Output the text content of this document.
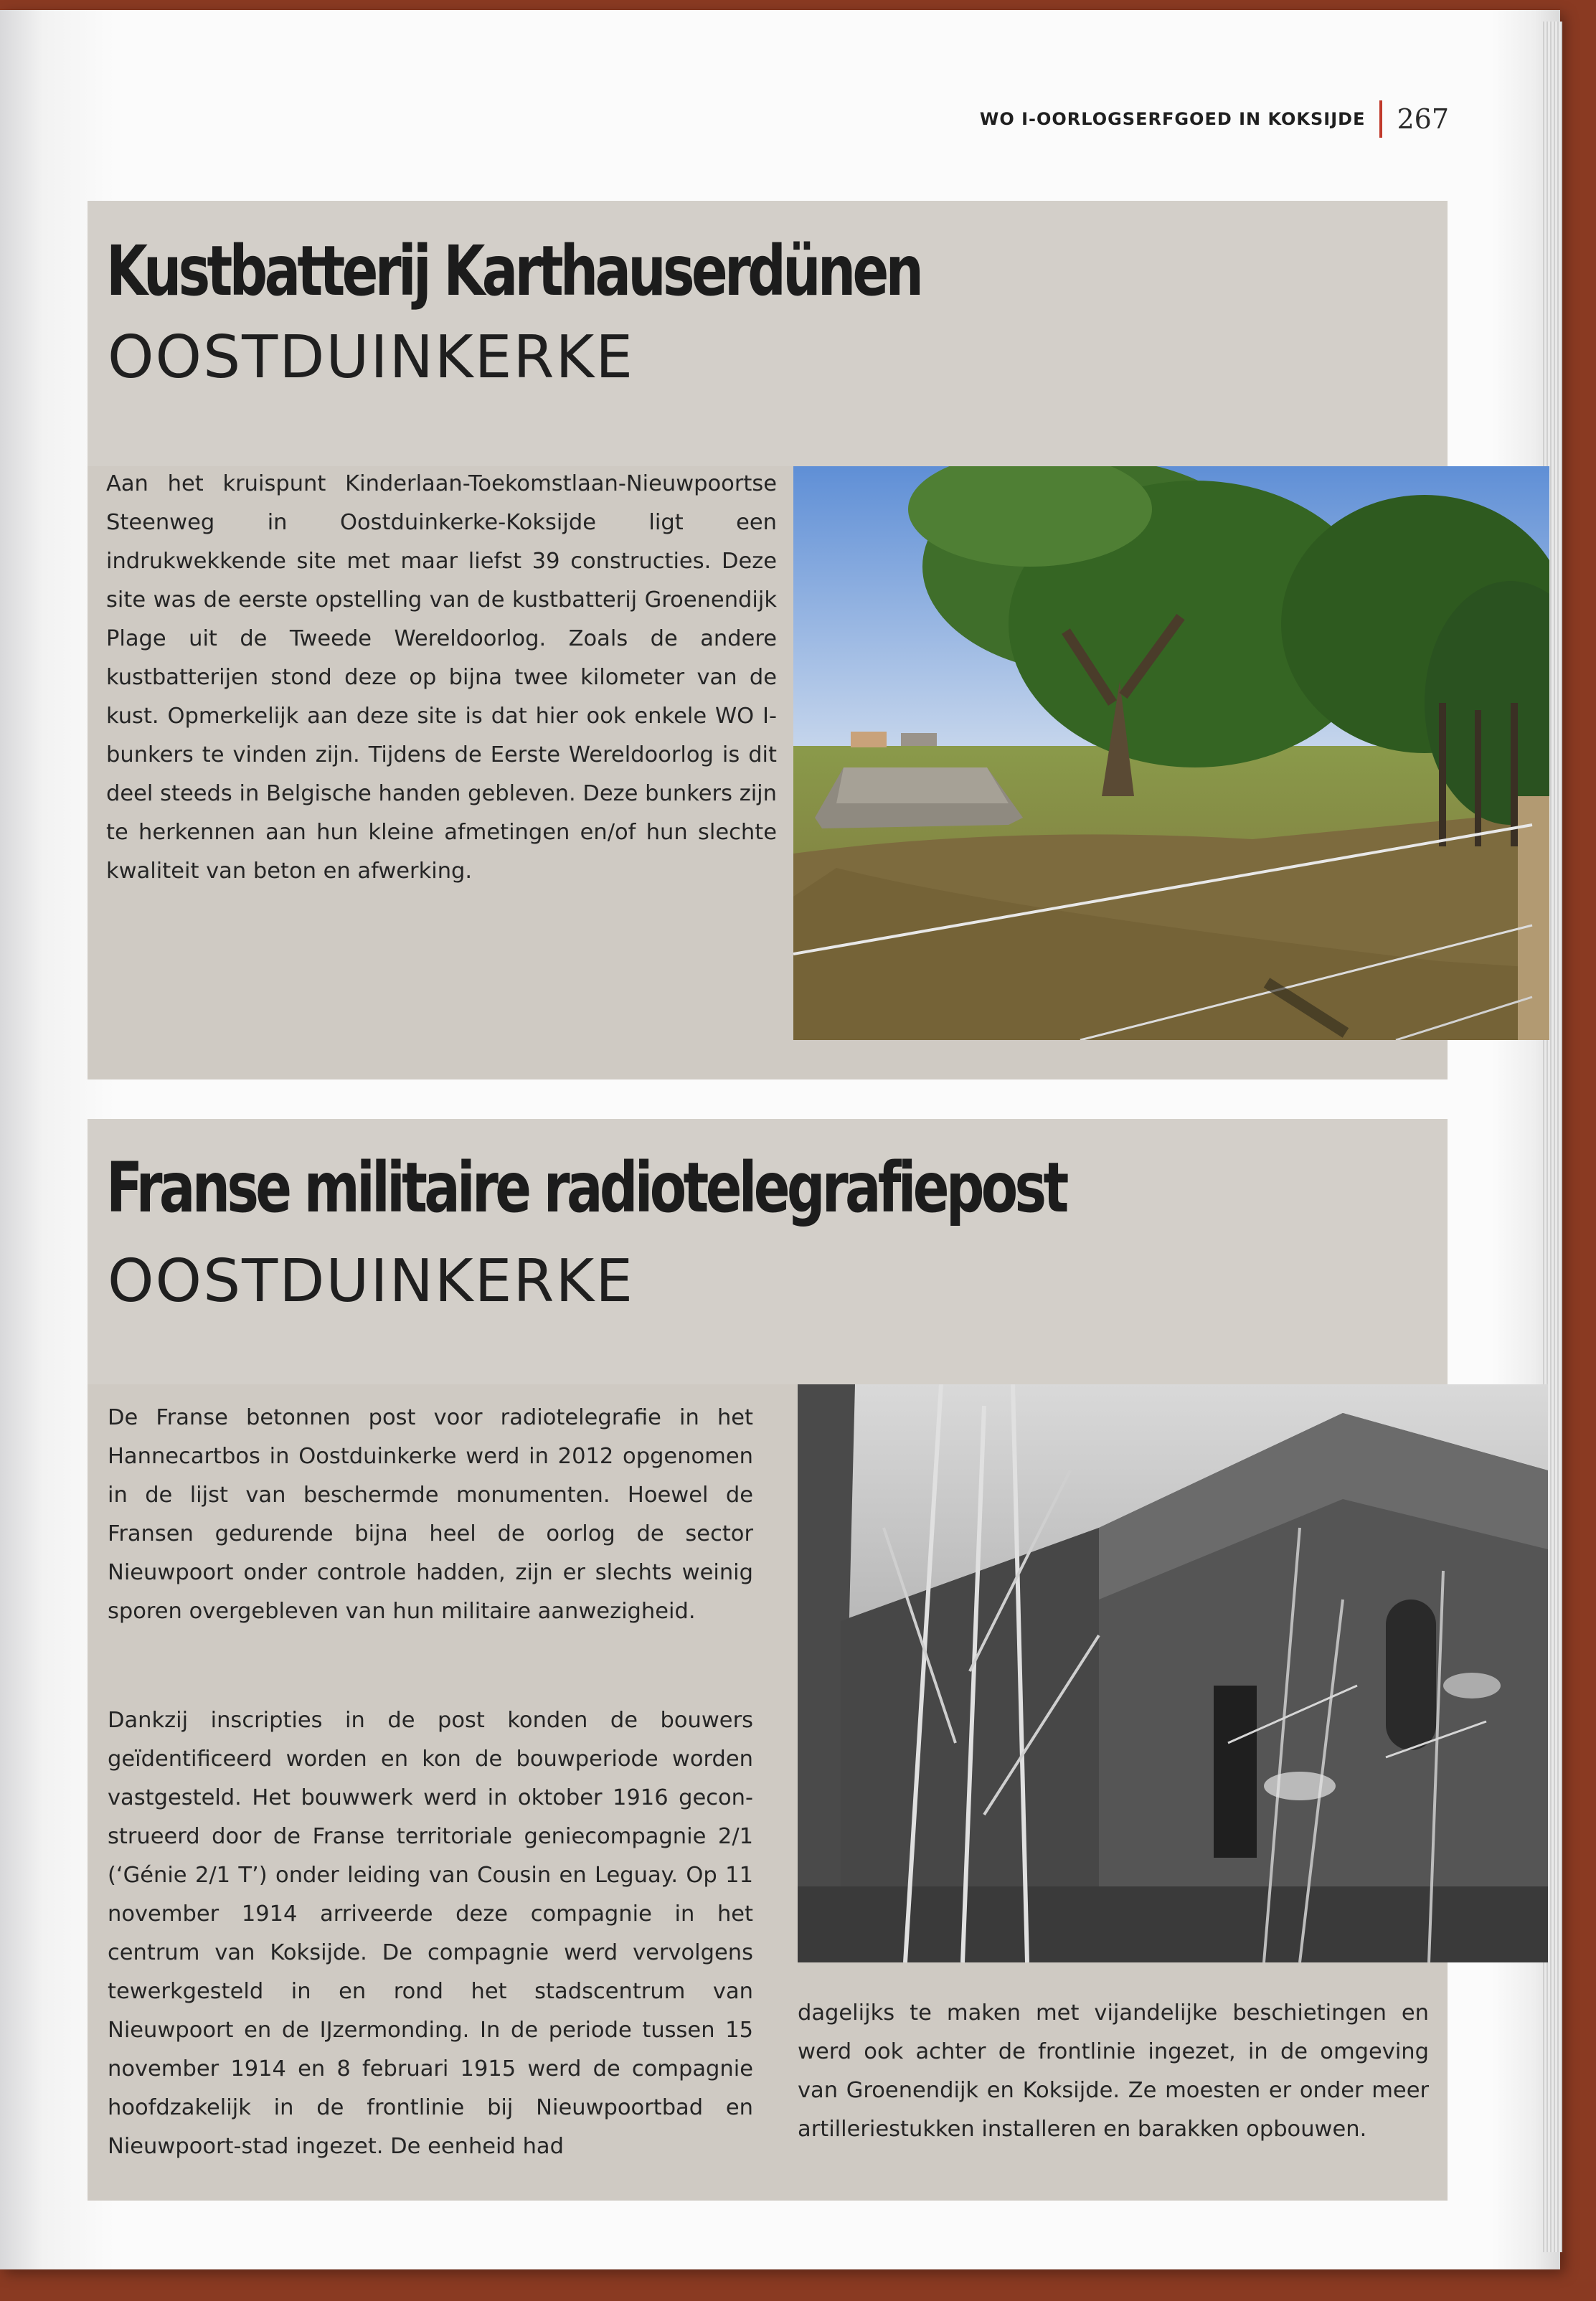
WO I-OORLOGSERFGOED IN KOKSIJDE 267
Kustbatterij Karthauserdünen
OOSTDUINKERKE

Aan het kruispunt Kinderlaan-Toekomstlaan-Nieuwpoortse Steenweg in Oostduinkerke-Koksijde ligt een indrukwekkende site met maar liefst 39 constructies. Deze site was de eerste opstelling van de kustbatterij Groenendijk Plage uit de Tweede Wereldoorlog. Zoals de andere kustbatterijen stond deze op bijna twee kilometer van de kust. Opmerkelijk aan deze site is dat hier ook enkele WO I-bunkers te vinden zijn. Tijdens de Eerste Wereldoorlog is dit deel steeds in Belgische handen gebleven. Deze bunkers zijn te herkennen aan hun kleine afmetingen en/of hun slechte kwaliteit van beton en afwerking.

Franse militaire radiotelegrafiepost
OOSTDUINKERKE

De Franse betonnen post voor radiotelegrafie in het Hannecartbos in Oostduinkerke werd in 2012 opgenomen in de lijst van beschermde monumenten. Hoewel de Fransen gedurende bijna heel de oorlog de sector Nieuwpoort onder controle hadden, zijn er slechts weinig sporen overgebleven van hun militaire aanwezigheid.

Dankzij inscripties in de post konden de bouwers geïdentificeerd worden en kon de bouwperiode worden vastgesteld. Het bouwwerk werd in oktober 1916 geconstrueerd door de Franse territoriale geniecompagnie 2/1 (‘Génie 2/1 T’) onder leiding van Cousin en Leguay. Op 11 november 1914 arriveerde deze compagnie in het centrum van Koksijde. De compagnie werd vervolgens tewerkgesteld in en rond het stadscentrum van Nieuwpoort en de IJzermonding. In de periode tussen 15 november 1914 en 8 februari 1915 werd de compagnie hoofdzakelijk in de frontlinie bij Nieuwpoortbad en Nieuwpoort-stad ingezet. De eenheid had

dagelijks te maken met vijandelijke beschietingen en werd ook achter de frontlinie ingezet, in de omgeving van Groenendijk en Koksijde. Ze moesten er onder meer artilleriestukken installeren en barakken opbouwen.
